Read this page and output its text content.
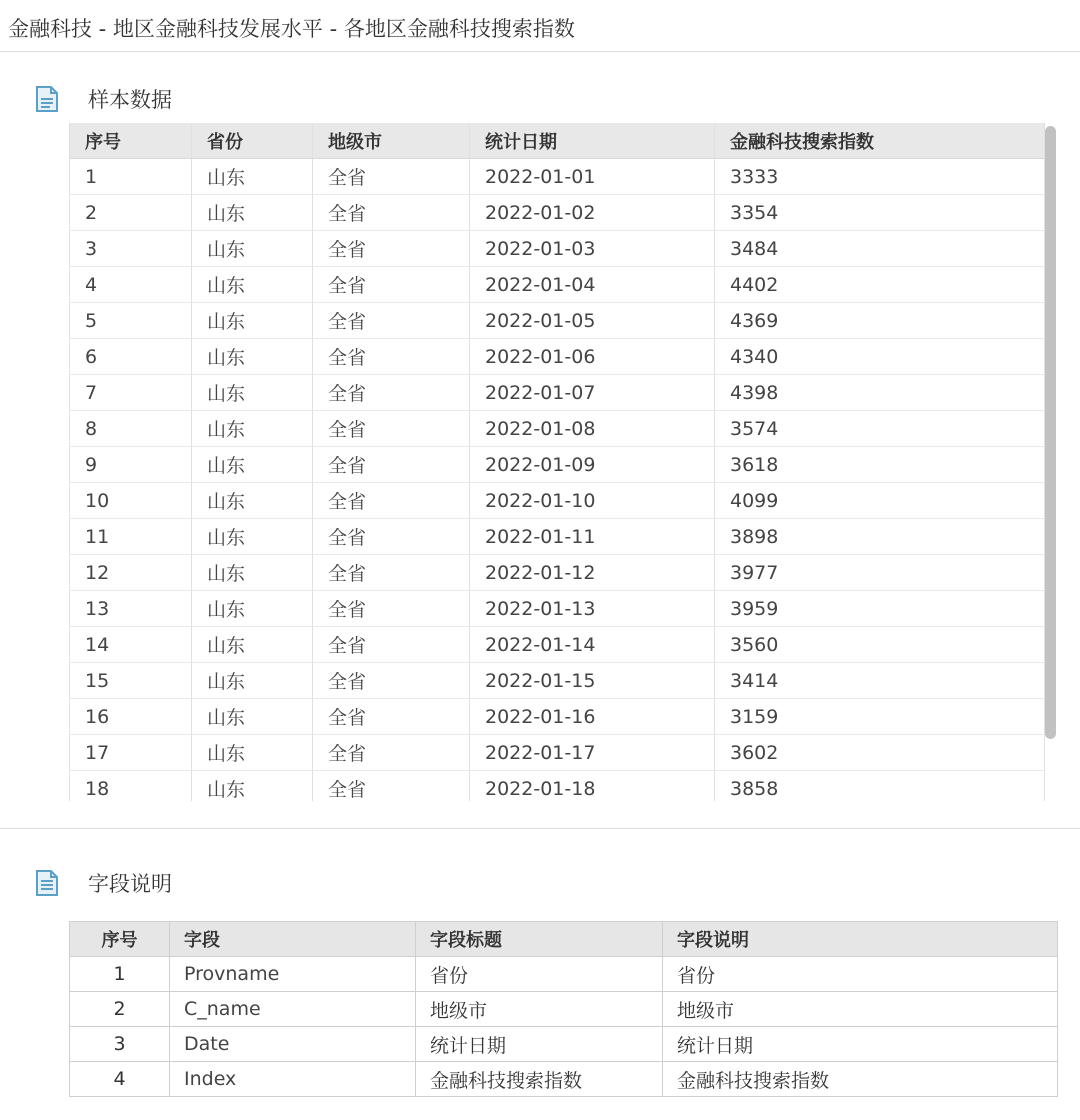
金融科技 - 地区金融科技发展水平 - 各地区金融科技搜索指数
样本数据
序号	省份	地级市	统计日期	金融科技搜索指数
1	山东	全省	2022-01-01	3333
2	山东	全省	2022-01-02	3354
3	山东	全省	2022-01-03	3484
4	山东	全省	2022-01-04	4402
5	山东	全省	2022-01-05	4369
6	山东	全省	2022-01-06	4340
7	山东	全省	2022-01-07	4398
8	山东	全省	2022-01-08	3574
9	山东	全省	2022-01-09	3618
10	山东	全省	2022-01-10	4099
11	山东	全省	2022-01-11	3898
12	山东	全省	2022-01-12	3977
13	山东	全省	2022-01-13	3959
14	山东	全省	2022-01-14	3560
15	山东	全省	2022-01-15	3414
16	山东	全省	2022-01-16	3159
17	山东	全省	2022-01-17	3602
18	山东	全省	2022-01-18	3858

字段说明
序号	字段	字段标题	字段说明
1	Provname	省份	省份
2	C_name	地级市	地级市
3	Date	统计日期	统计日期
4	Index	金融科技搜索指数	金融科技搜索指数
